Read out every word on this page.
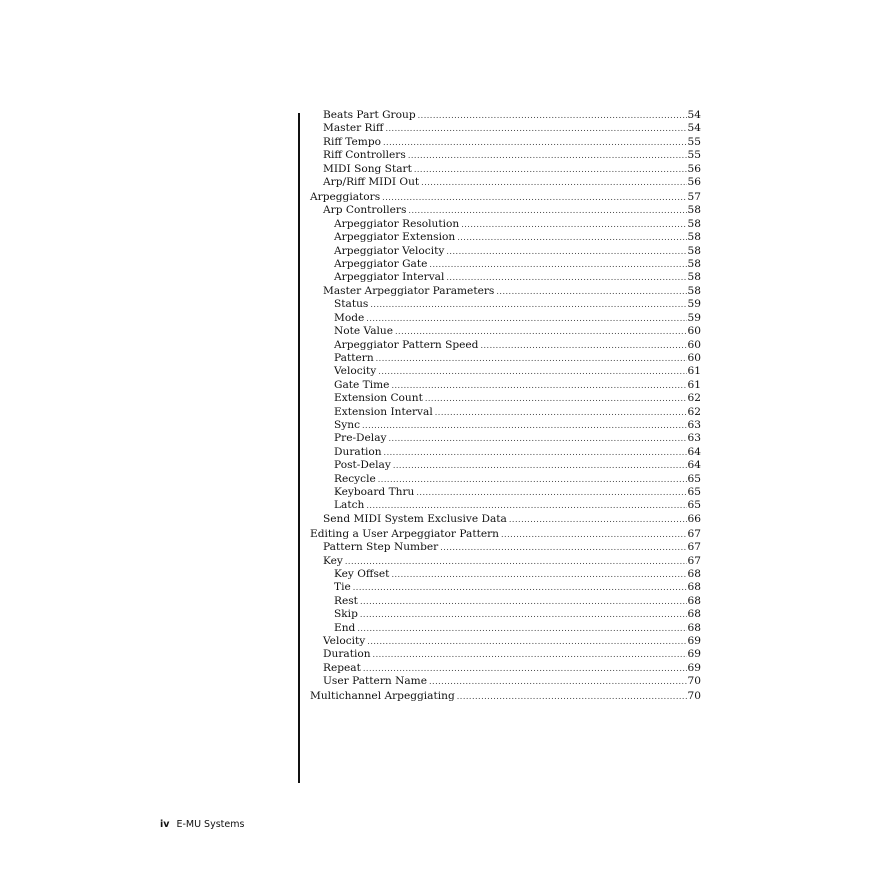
Beats Part Group .....	54
Master Riff .....	54
Riff Tempo .....	55
Riff Controllers .....	55
MIDI Song Start .....	56
Arp/Riff MIDI Out .....	56
Arpeggiators .....	57
Arp Controllers .....	58
Arpeggiator Resolution .....	58
Arpeggiator Extension .....	58
Arpeggiator Velocity .....	58
Arpeggiator Gate .....	58
Arpeggiator Interval .....	58
Master Arpeggiator Parameters .....	58
Status .....	59
Mode .....	59
Note Value .....	60
Arpeggiator Pattern Speed .....	60
Pattern .....	60
Velocity .....	61
Gate Time .....	61
Extension Count .....	62
Extension Interval .....	62
Sync .....	63
Pre-Delay .....	63
Duration .....	64
Post-Delay .....	64
Recycle .....	65
Keyboard Thru .....	65
Latch .....	65
Send MIDI System Exclusive Data .....	66
Editing a User Arpeggiator Pattern .....	67
Pattern Step Number .....	67
Key .....	67
Key Offset .....	68
Tie .....	68
Rest .....	68
Skip .....	68
End .....	68
Velocity .....	69
Duration .....	69
Repeat .....	69
User Pattern Name .....	70
Multichannel Arpeggiating .....	70
iv E-MU Systems
